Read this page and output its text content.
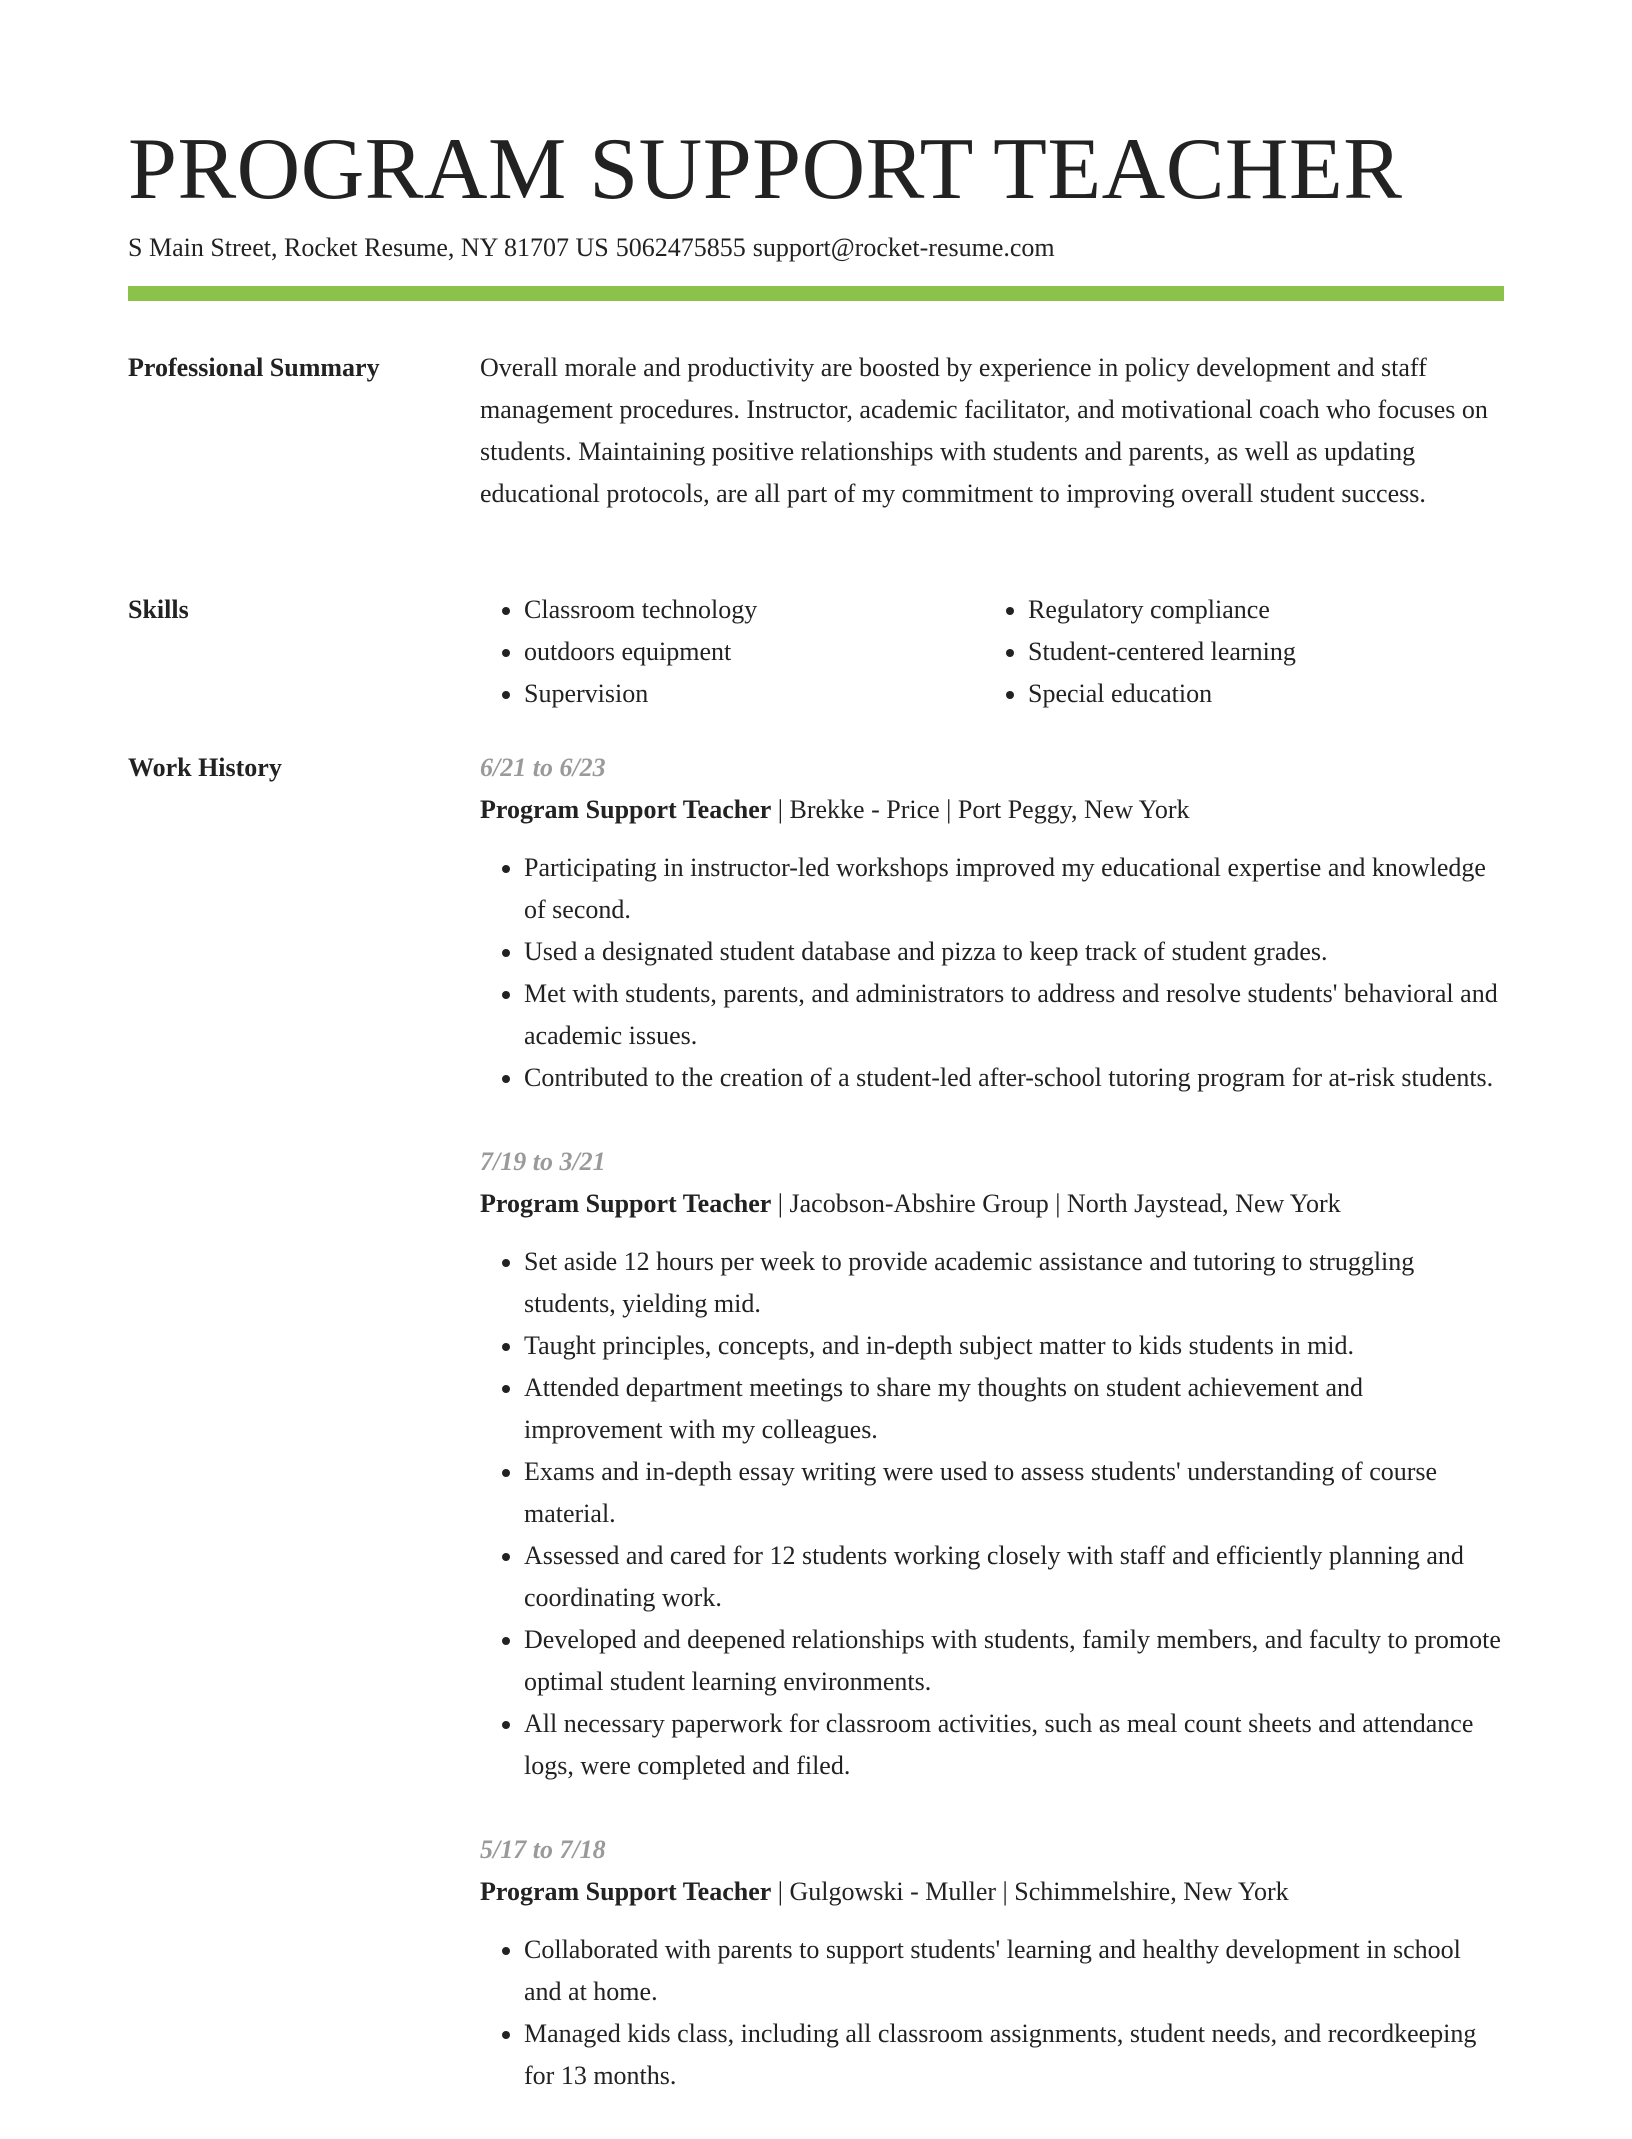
PROGRAM SUPPORT TEACHER
S Main Street, Rocket Resume, NY 81707 US 5062475855 support@rocket-resume.com
Professional Summary	Overall morale and productivity are boosted by experience in policy development and staff management procedures. Instructor, academic facilitator, and motivational coach who focuses on students. Maintaining positive relationships with students and parents, as well as updating educational protocols, are all part of my commitment to improving overall student success.

Skills
•	Classroom technology
• outdoors equipment
• Supervision
• Regulatory compliance
• Student-centered learning
• Special education
Work History	6/21 to 6/23
Program Support Teacher | Brekke - Price | Port Peggy, New York
• Participating in instructor-led workshops improved my educational expertise and knowledge of second.
• Used a designated student database and pizza to keep track of student grades.
• Met with students, parents, and administrators to address and resolve students' behavioral and academic issues.
• Contributed to the creation of a student-led after-school tutoring program for at-risk students.
7/19 to 3/21
Program Support Teacher | Jacobson-Abshire Group | North Jaystead, New York
• Set aside 12 hours per week to provide academic assistance and tutoring to struggling students, yielding mid.
• Taught principles, concepts, and in-depth subject matter to kids students in mid.
• Attended department meetings to share my thoughts on student achievement and improvement with my colleagues.
• Exams and in-depth essay writing were used to assess students' understanding of course material.
• Assessed and cared for 12 students working closely with staff and efficiently planning and coordinating work.
• Developed and deepened relationships with students, family members, and faculty to promote optimal student learning environments.
• All necessary paperwork for classroom activities, such as meal count sheets and attendance logs, were completed and filed.
5/17 to 7/18
Program Support Teacher | Gulgowski - Muller | Schimmelshire, New York
• Collaborated with parents to support students' learning and healthy development in school and at home.
• Managed kids class, including all classroom assignments, student needs, and recordkeeping for 13 months.
